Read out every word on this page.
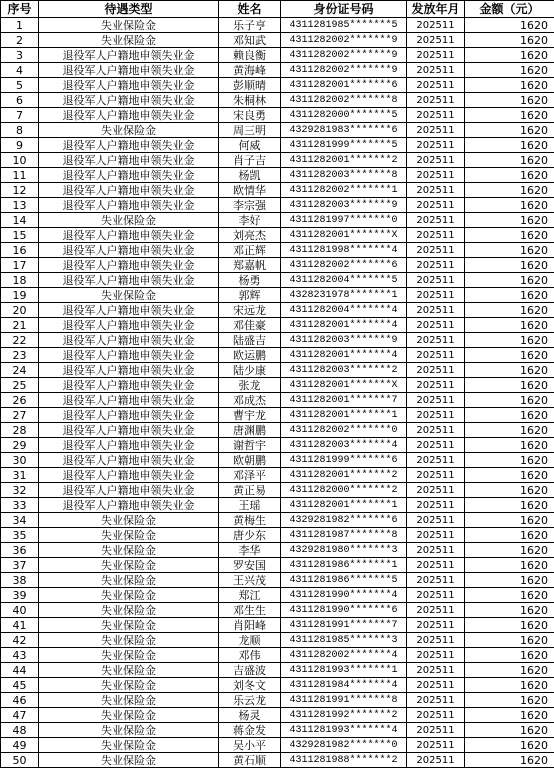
序号	待遇类型	姓名	身份证号码	发放年月	金额（元）
1	失业保险金	乐子亨	4311281985*******5	202511	1620
2	失业保险金	邓知武	4311282002*******9	202511	1620
3	退役军人户籍地申领失业金	赖良衡	4311282002*******9	202511	1620
4	退役军人户籍地申领失业金	黄海峰	4311282002*******9	202511	1620
5	退役军人户籍地申领失业金	彭顺晴	4311282001*******6	202511	1620
6	退役军人户籍地申领失业金	朱桐林	4311282002*******8	202511	1620
7	退役军人户籍地申领失业金	宋良勇	4311282000*******5	202511	1620
8	失业保险金	周三明	4329281983*******6	202511	1620
9	退役军人户籍地申领失业金	何威	4311281999*******5	202511	1620
10	退役军人户籍地申领失业金	肖子吉	4311282001*******2	202511	1620
11	退役军人户籍地申领失业金	杨凯	4311282003*******8	202511	1620
12	退役军人户籍地申领失业金	欧情华	4311282002*******1	202511	1620
13	退役军人户籍地申领失业金	李宗强	4311282003*******9	202511	1620
14	失业保险金	李好	4311281997*******0	202511	1620
15	退役军人户籍地申领失业金	刘亮杰	4311282001*******X	202511	1620
16	退役军人户籍地申领失业金	邓正辉	4311281998*******4	202511	1620
17	退役军人户籍地申领失业金	郑嘉帆	4311282002*******6	202511	1620
18	退役军人户籍地申领失业金	杨勇	4311282004*******5	202511	1620
19	失业保险金	郭辉	4328231978*******1	202511	1620
20	退役军人户籍地申领失业金	宋远龙	4311282004*******4	202511	1620
21	退役军人户籍地申领失业金	邓佳豪	4311282001*******4	202511	1620
22	退役军人户籍地申领失业金	陆盛吉	4311282003*******9	202511	1620
23	退役军人户籍地申领失业金	欧运鹏	4311282001*******4	202511	1620
24	退役军人户籍地申领失业金	陆少康	4311282003*******2	202511	1620
25	退役军人户籍地申领失业金	张龙	4311282001*******X	202511	1620
26	退役军人户籍地申领失业金	邓成杰	4311282001*******7	202511	1620
27	退役军人户籍地申领失业金	曹宇龙	4311282001*******1	202511	1620
28	退役军人户籍地申领失业金	唐渊鹏	4311282002*******0	202511	1620
29	退役军人户籍地申领失业金	谢哲宇	4311282003*******4	202511	1620
30	退役军人户籍地申领失业金	欧朝鹏	4311281999*******6	202511	1620
31	退役军人户籍地申领失业金	邓泽平	4311282001*******2	202511	1620
32	退役军人户籍地申领失业金	黄正易	4311282000*******2	202511	1620
33	退役军人户籍地申领失业金	王瑶	4311282001*******1	202511	1620
34	失业保险金	黄梅生	4329281982*******6	202511	1620
35	失业保险金	唐少东	4311281987*******8	202511	1620
36	失业保险金	李华	4329281980*******3	202511	1620
37	失业保险金	罗安国	4311281986*******1	202511	1620
38	失业保险金	王兴茂	4311281986*******5	202511	1620
39	失业保险金	郑江	4311281990*******4	202511	1620
40	失业保险金	邓生生	4311281990*******6	202511	1620
41	失业保险金	肖阳峰	4311281991*******7	202511	1620
42	失业保险金	龙顺	4311281985*******3	202511	1620
43	失业保险金	邓伟	4311282002*******4	202511	1620
44	失业保险金	吉盛波	4311281993*******1	202511	1620
45	失业保险金	刘冬文	4311281984*******4	202511	1620
46	失业保险金	乐云龙	4311281991*******8	202511	1620
47	失业保险金	杨灵	4311281992*******2	202511	1620
48	失业保险金	蒋金发	4311281993*******4	202511	1620
49	失业保险金	吴小平	4329281982*******0	202511	1620
50	失业保险金	黄石顺	4311281988*******2	202511	1620
